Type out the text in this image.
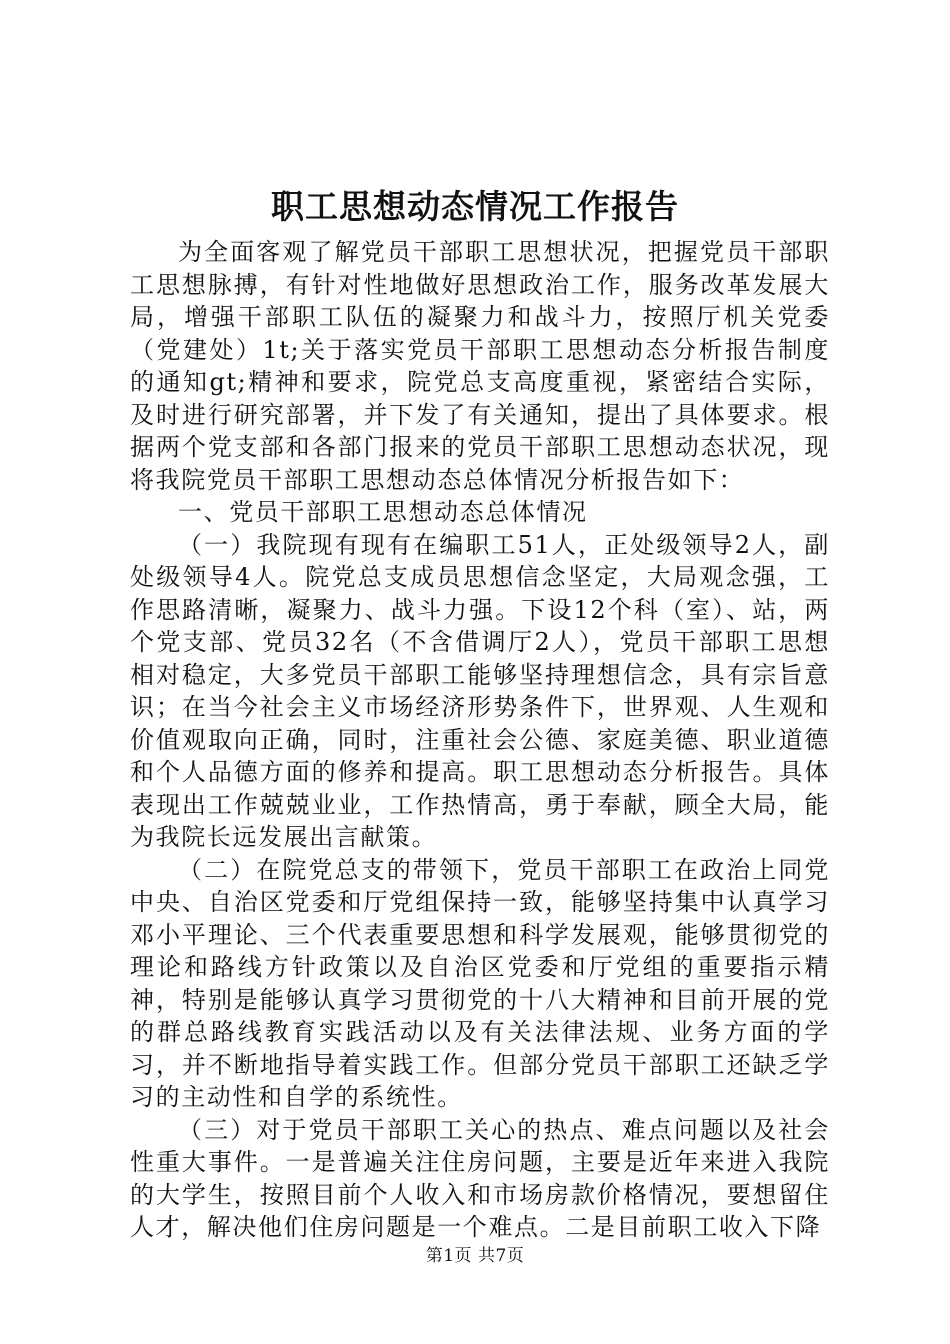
职工思想动态情况工作报告

为全面客观了解党员干部职工思想状况，把握党员干部职工思想脉搏，有针对性地做好思想政治工作，服务改革发展大局，增强干部职工队伍的凝聚力和战斗力，按照厅机关党委（党建处）1t;关于落实党员干部职工思想动态分析报告制度的通知gt;精神和要求，院党总支高度重视，紧密结合实际，及时进行研究部署，并下发了有关通知，提出了具体要求。根据两个党支部和各部门报来的党员干部职工思想动态状况，现将我院党员干部职工思想动态总体情况分析报告如下：

一、党员干部职工思想动态总体情况

（一）我院现有现有在编职工51人，正处级领导2人，副处级领导4人。院党总支成员思想信念坚定，大局观念强，工作思路清晰，凝聚力、战斗力强。下设12个科（室）、站，两个党支部、党员32名（不含借调厅2人），党员干部职工思想相对稳定，大多党员干部职工能够坚持理想信念，具有宗旨意识；在当今社会主义市场经济形势条件下，世界观、人生观和价值观取向正确，同时，注重社会公德、家庭美德、职业道德和个人品德方面的修养和提高。职工思想动态分析报告。具体表现出工作兢兢业业，工作热情高，勇于奉献，顾全大局，能为我院长远发展出言献策。

（二）在院党总支的带领下，党员干部职工在政治上同党中央、自治区党委和厅党组保持一致，能够坚持集中认真学习邓小平理论、三个代表重要思想和科学发展观，能够贯彻党的理论和路线方针政策以及自治区党委和厅党组的重要指示精神，特别是能够认真学习贯彻党的十八大精神和目前开展的党的群总路线教育实践活动以及有关法律法规、业务方面的学习，并不断地指导着实践工作。但部分党员干部职工还缺乏学习的主动性和自学的系统性。

（三）对于党员干部职工关心的热点、难点问题以及社会性重大事件。一是普遍关注住房问题，主要是近年来进入我院的大学生，按照目前个人收入和市场房款价格情况，要想留住人才，解决他们住房问题是一个难点。二是目前职工收入下降

第1页 共7页
